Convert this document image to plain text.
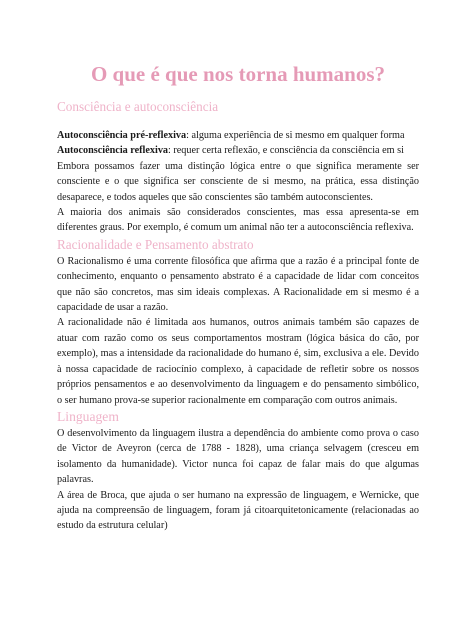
O que é que nos torna humanos?
Consciência e autoconsciência

Autoconsciência pré-reflexiva: alguma experiência de si mesmo em qualquer forma

Autoconsciência reflexiva: requer certa reflexão, e consciência da consciência em si

Embora possamos fazer uma distinção lógica entre o que significa meramente ser consciente e o que significa ser consciente de si mesmo, na prática, essa distinção desaparece, e todos aqueles que são conscientes são também autoconscientes.

A maioria dos animais são considerados conscientes, mas essa apresenta-se em diferentes graus. Por exemplo, é comum um animal não ter a autoconsciência reflexiva.

Racionalidade e Pensamento abstrato

O Racionalismo é uma corrente filosófica que afirma que a razão é a principal fonte de conhecimento, enquanto o pensamento abstrato é a capacidade de lidar com conceitos que não são concretos, mas sim ideais complexas. A Racionalidade em si mesmo é a capacidade de usar a razão.

A racionalidade não é limitada aos humanos, outros animais também são capazes de atuar com razão como os seus comportamentos mostram (lógica básica do cão, por exemplo), mas a intensidade da racionalidade do humano é, sim, exclusiva a ele. Devido à nossa capacidade de raciocínio complexo, à capacidade de refletir sobre os nossos próprios pensamentos e ao desenvolvimento da linguagem e do pensamento simbólico, o ser humano prova-se superior racionalmente em comparação com outros animais.

Linguagem

O desenvolvimento da linguagem ilustra a dependência do ambiente como prova o caso de Victor de Aveyron (cerca de 1788 - 1828), uma criança selvagem (cresceu em isolamento da humanidade). Victor nunca foi capaz de falar mais do que algumas palavras.

A área de Broca, que ajuda o ser humano na expressão de linguagem, e Wernicke, que ajuda na compreensão de linguagem, foram já citoarquitetonicamente (relacionadas ao estudo da estrutura celular)
